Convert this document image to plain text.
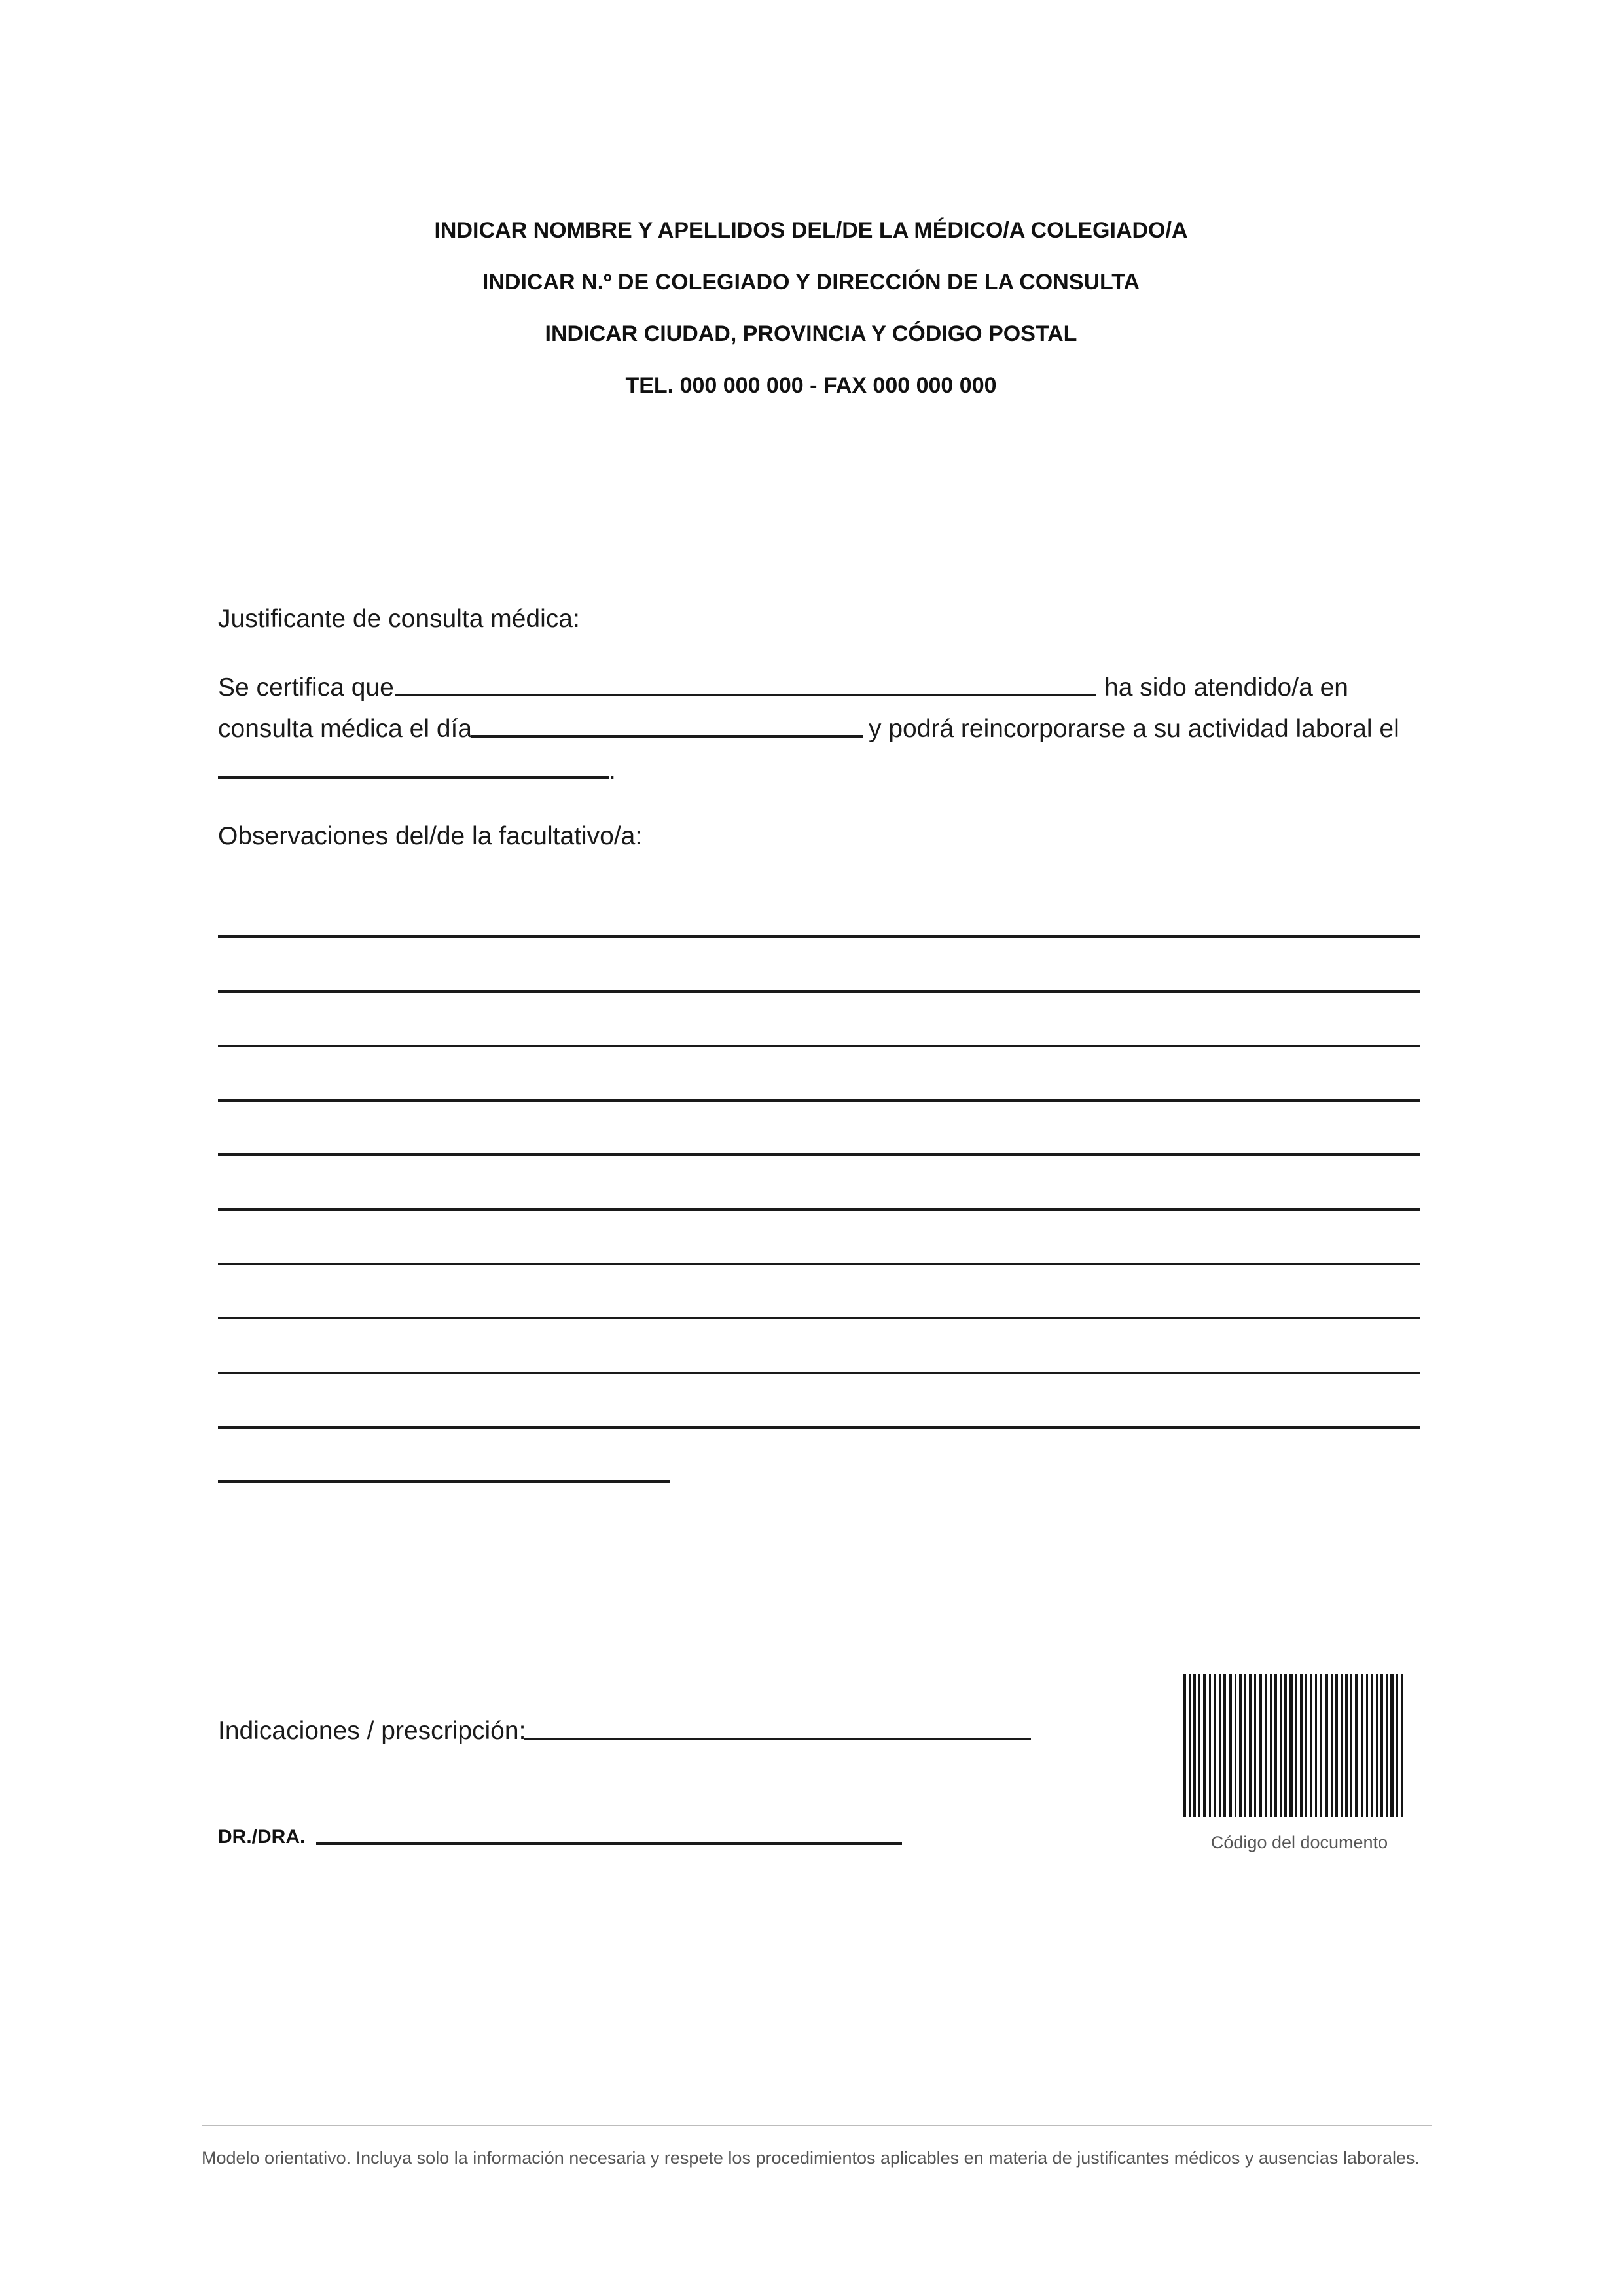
INDICAR NOMBRE Y APELLIDOS DEL/DE LA MÉDICO/A COLEGIADO/A
INDICAR N.º DE COLEGIADO Y DIRECCIÓN DE LA CONSULTA
INDICAR CIUDAD, PROVINCIA Y CÓDIGO POSTAL
TEL. 000 000 000 - FAX 000 000 000
Justificante de consulta médica:
Se certifica que	ha sido atendido/a en
consulta médica el día	y podrá reincorporarse a su actividad laboral el
.
Observaciones del/de la facultativo/a:
Indicaciones / prescripción:
DR./DRA.	Código del documento
Modelo orientativo. Incluya solo la información necesaria y respete los procedimientos aplicables en materia de justificantes médicos y ausencias laborales.
